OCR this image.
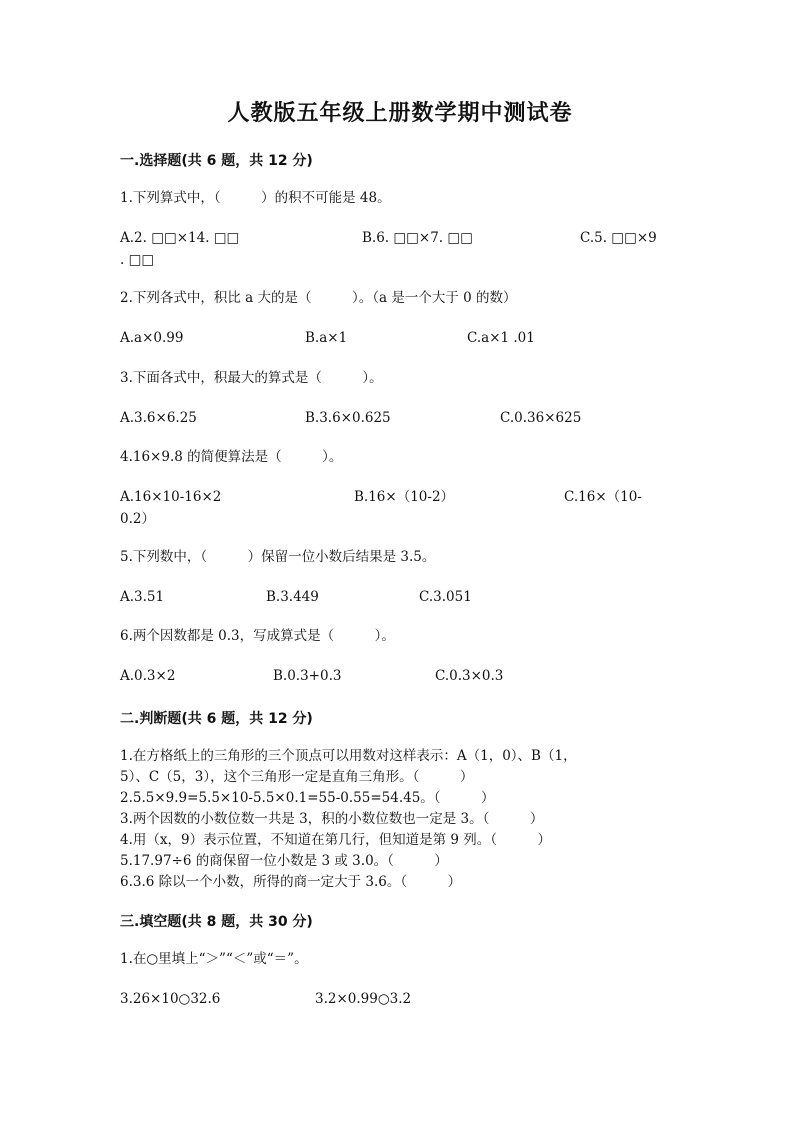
人教版五年级上册数学期中测试卷
一.选择题(共 6 题，共 12 分)
1.下列算式中，（　　　）的积不可能是 48。
A.2. □□×14. □□	B.6. □□×7. □□	C.5. □□×9
. □□
2.下列各式中，积比 a 大的是（　　　）。（a 是一个大于 0 的数）
A.a×0.99	B.a×1	C.a×1 .01
3.下面各式中，积最大的算式是（　　　）。
A.3.6×6.25	B.3.6×0.625	C.0.36×625
4.16×9.8 的简便算法是（　　　）。
A.16×10-16×2	B.16×（10-2）	C.16×（10-
0.2）
5.下列数中，（　　　）保留一位小数后结果是 3.5。
A.3.51	B.3.449	C.3.051
6.两个因数都是 0.3，写成算式是（　　　）。
A.0.3×2	B.0.3+0.3	C.0.3×0.3
二.判断题(共 6 题，共 12 分)
1.在方格纸上的三角形的三个顶点可以用数对这样表示：A（1，0）、B（1，
5）、C（5，3），这个三角形一定是直角三角形。（　　　）
2.5.5×9.9=5.5×10-5.5×0.1=55-0.55=54.45。（　　　）
3.两个因数的小数位数一共是 3，积的小数位数也一定是 3。（　　　）
4.用（x，9）表示位置，不知道在第几行，但知道是第 9 列。（　　　）
5.17.97÷6 的商保留一位小数是 3 或 3.0。（　　　）
6.3.6 除以一个小数，所得的商一定大于 3.6。（　　　）
三.填空题(共 8 题，共 30 分)
1.在○里填上“＞”“＜”或“＝”。
3.26×10○32.6	3.2×0.99○3.2
